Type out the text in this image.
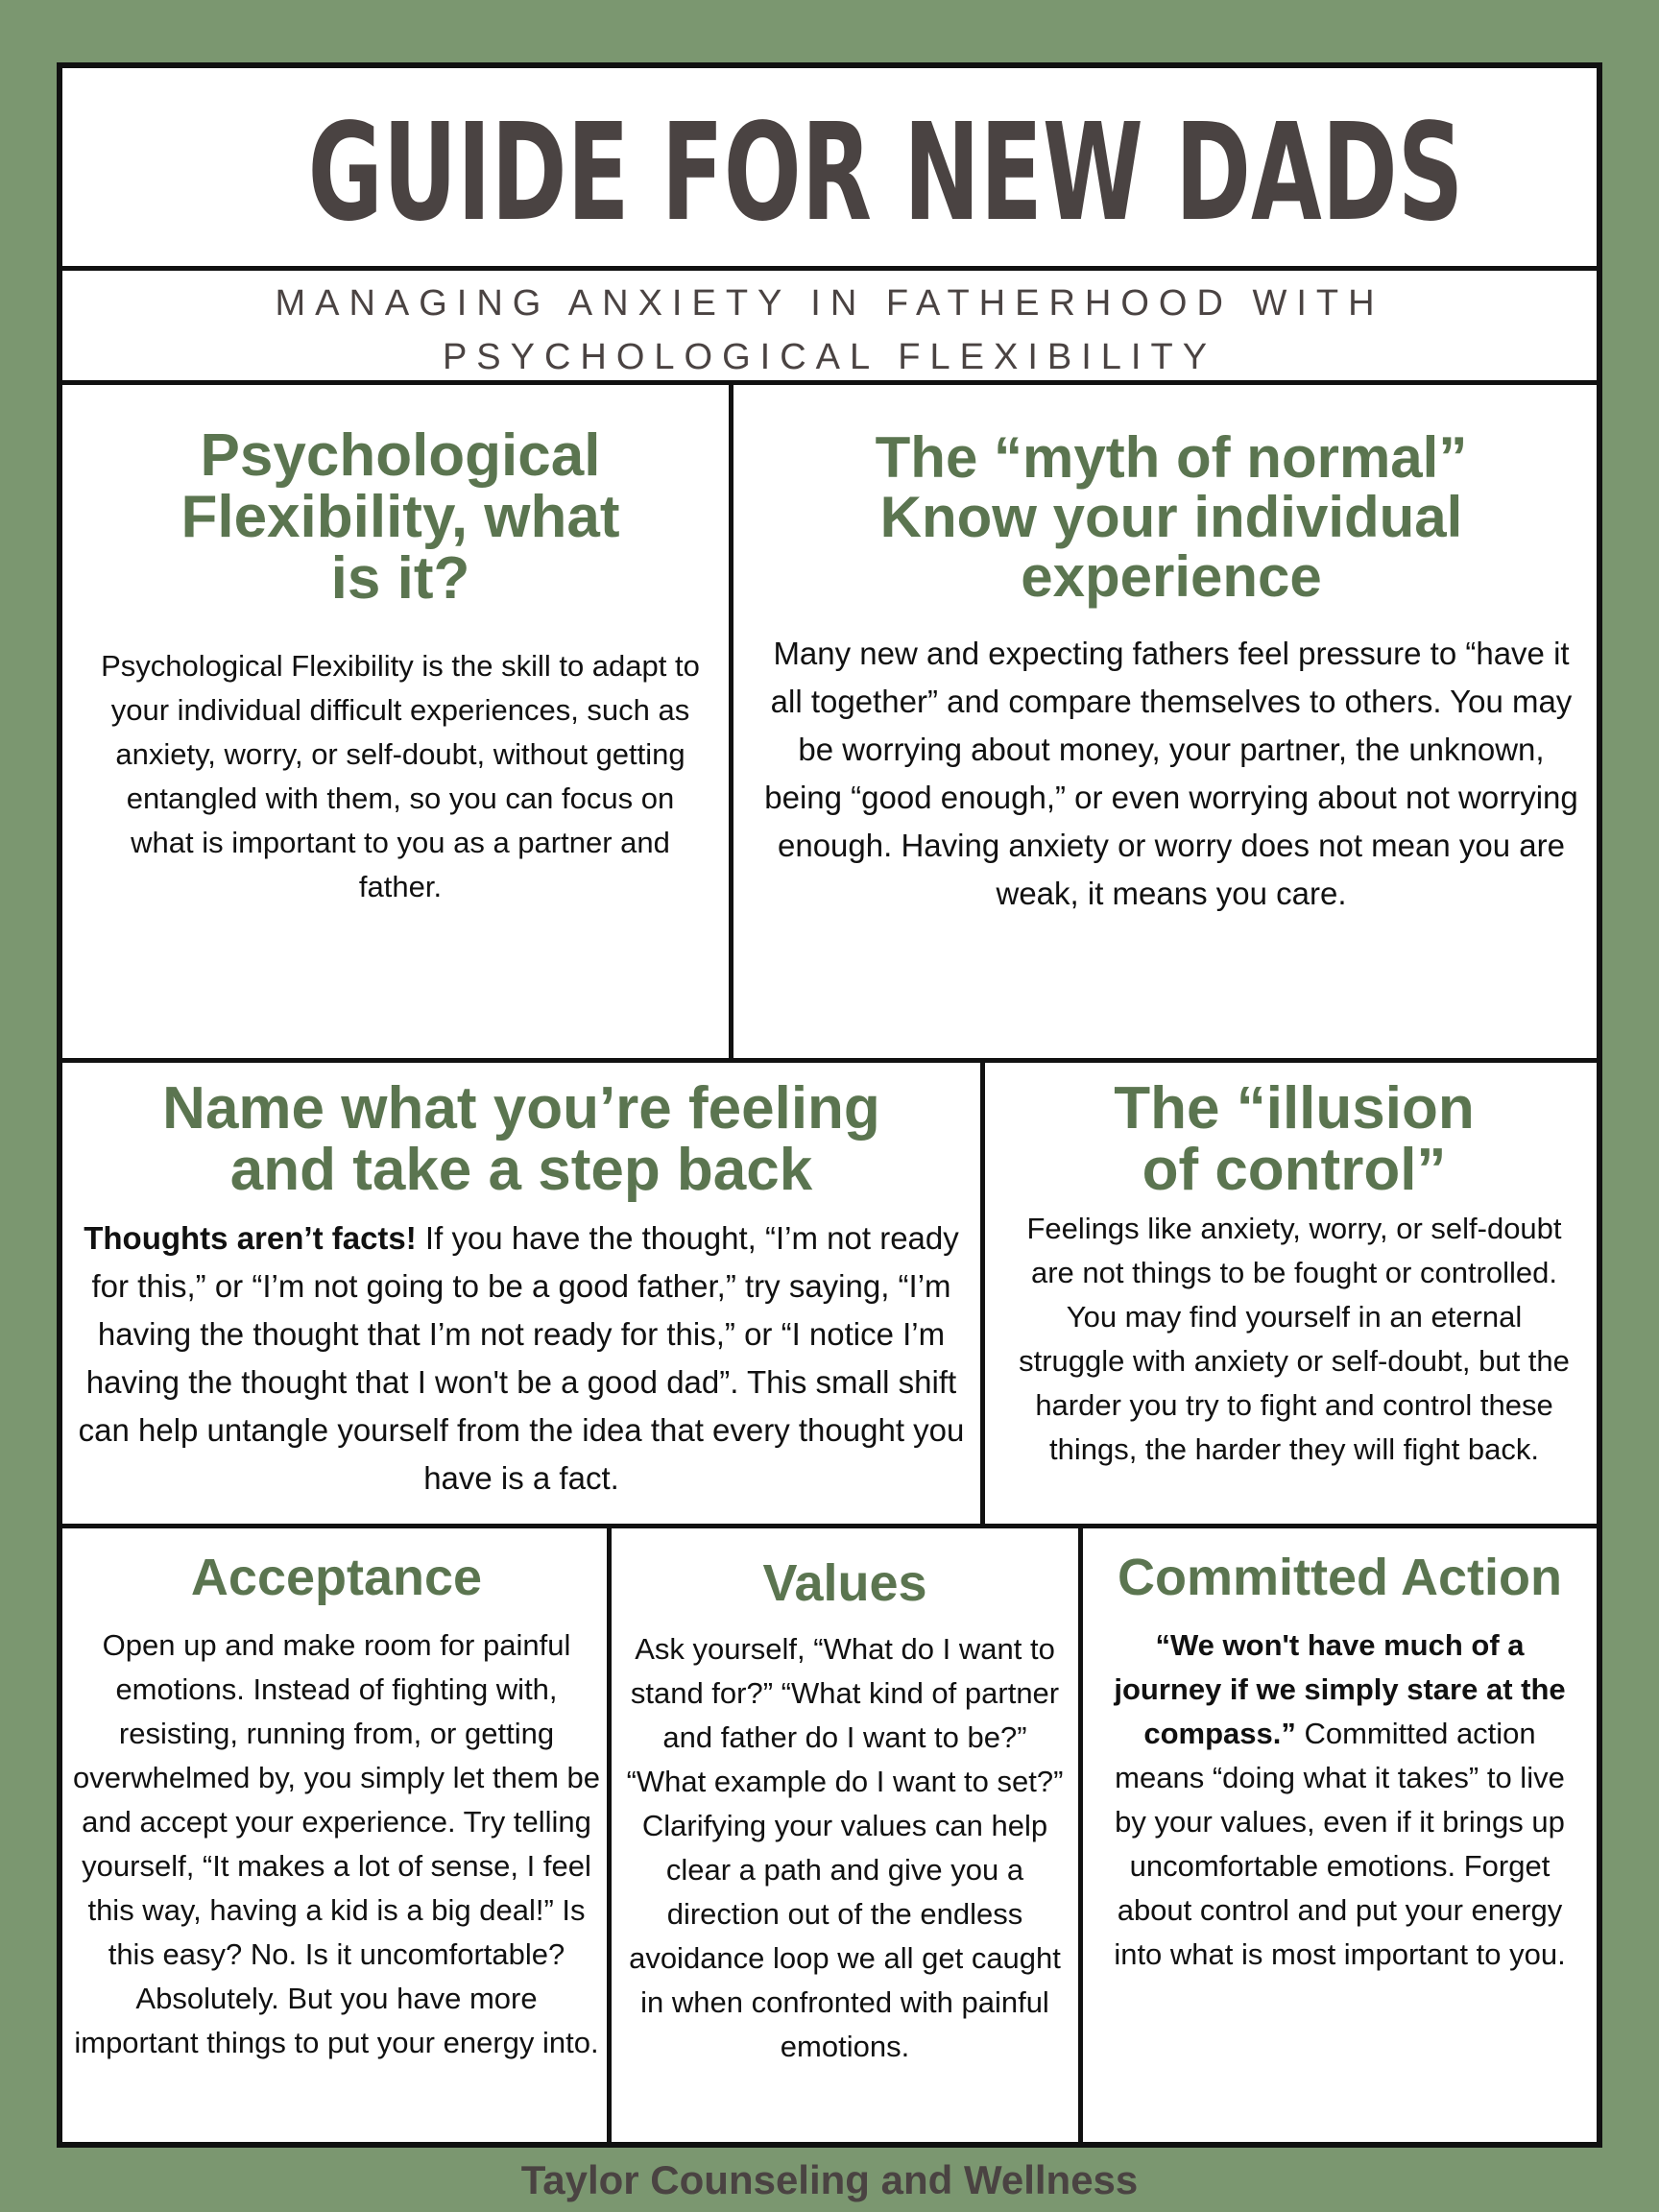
GUIDE FOR NEW DADS
MANAGING ANXIETY IN FATHERHOOD WITH
PSYCHOLOGICAL FLEXIBILITY
Psychological
Flexibility, what
is it?

Psychological Flexibility is the skill to adapt to your individual difficult experiences, such as anxiety, worry, or self-doubt, without getting entangled with them, so you can focus on what is important to you as a partner and father.

The “myth of normal”
Know your individual
experience

Many new and expecting fathers feel pressure to “have it all together” and compare themselves to others. You may be worrying about money, your partner, the unknown, being “good enough,” or even worrying about not worrying enough. Having anxiety or worry does not mean you are weak, it means you care.

Name what you’re feeling
and take a step back

Thoughts aren’t facts! If you have the thought, “I’m not ready for this,” or “I’m not going to be a good father,” try saying, “I’m having the thought that I’m not ready for this,” or “I notice I’m having the thought that I won't be a good dad”. This small shift can help untangle yourself from the idea that every thought you have is a fact.

The “illusion
of control”

Feelings like anxiety, worry, or self-doubt are not things to be fought or controlled. You may find yourself in an eternal struggle with anxiety or self-doubt, but the harder you try to fight and control these things, the harder they will fight back.

Acceptance

Open up and make room for painful emotions. Instead of fighting with, resisting, running from, or getting overwhelmed by, you simply let them be and accept your experience. Try telling yourself, “It makes a lot of sense, I feel this way, having a kid is a big deal!” Is this easy? No. Is it uncomfortable? Absolutely. But you have more important things to put your energy into.

Values

Ask yourself, “What do I want to stand for?” “What kind of partner and father do I want to be?” “What example do I want to set?” Clarifying your values can help clear a path and give you a direction out of the endless avoidance loop we all get caught in when confronted with painful emotions.

Committed Action

“We won't have much of a journey if we simply stare at the compass.” Committed action means “doing what it takes” to live by your values, even if it brings up uncomfortable emotions. Forget about control and put your energy into what is most important to you.

Taylor Counseling and Wellness
